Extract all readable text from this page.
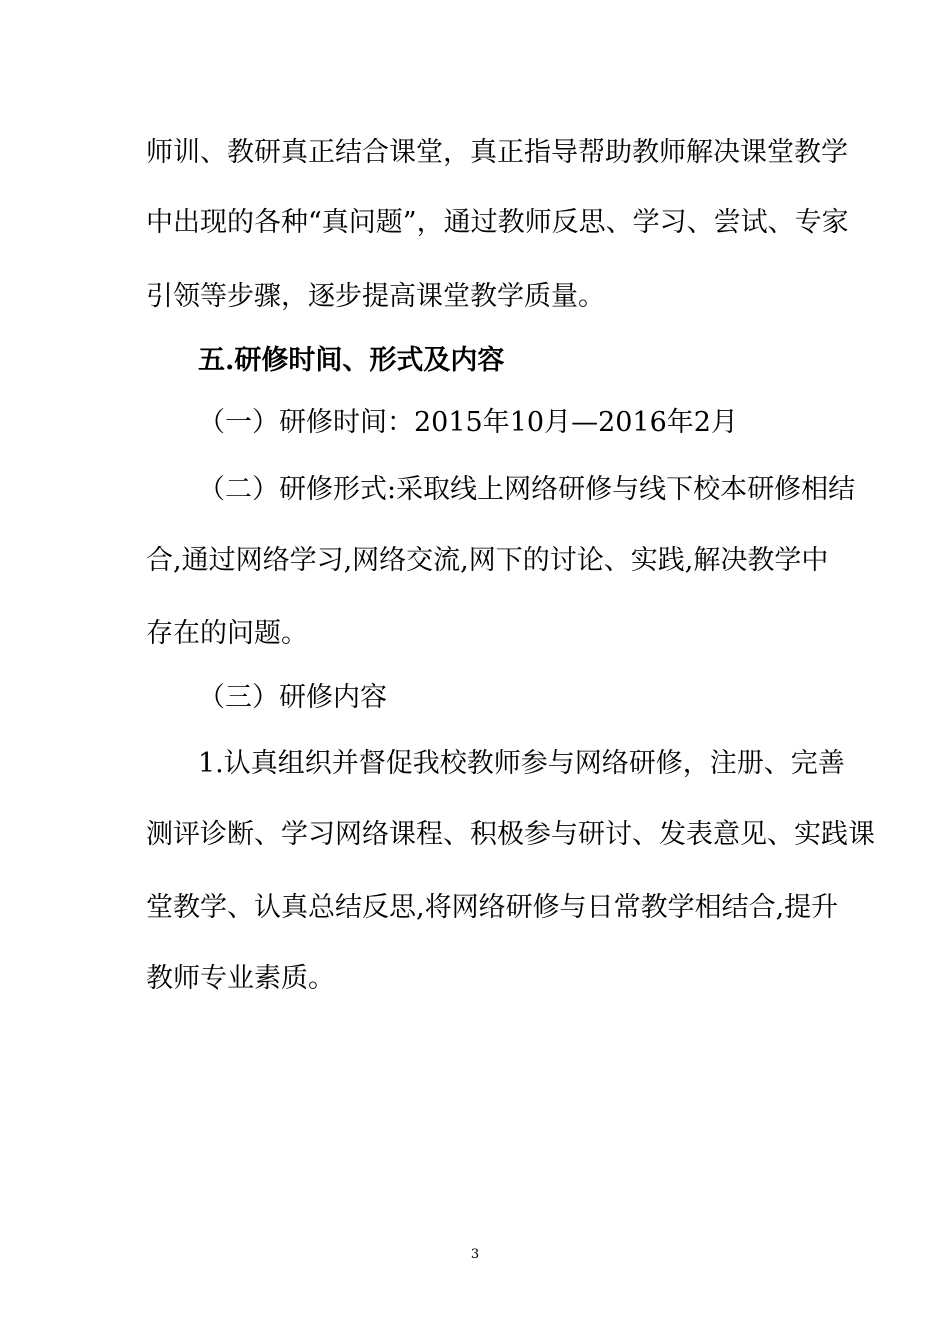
师训、教研真正结合课堂，真正指导帮助教师解决课堂教学
中出现的各种“真问题”，通过教师反思、学习、尝试、专家
引领等步骤，逐步提高课堂教学质量。
五.研修时间、形式及内容
（一）研修时间：2015年10月—2016年2月
（二）研修形式:采取线上网络研修与线下校本研修相结
合,通过网络学习,网络交流,网下的讨论、实践,解决教学中
存在的问题。
（三）研修内容
1.认真组织并督促我校教师参与网络研修，注册、完善
测评诊断、学习网络课程、积极参与研讨、发表意见、实践课
堂教学、认真总结反思,将网络研修与日常教学相结合,提升
教师专业素质。
3
